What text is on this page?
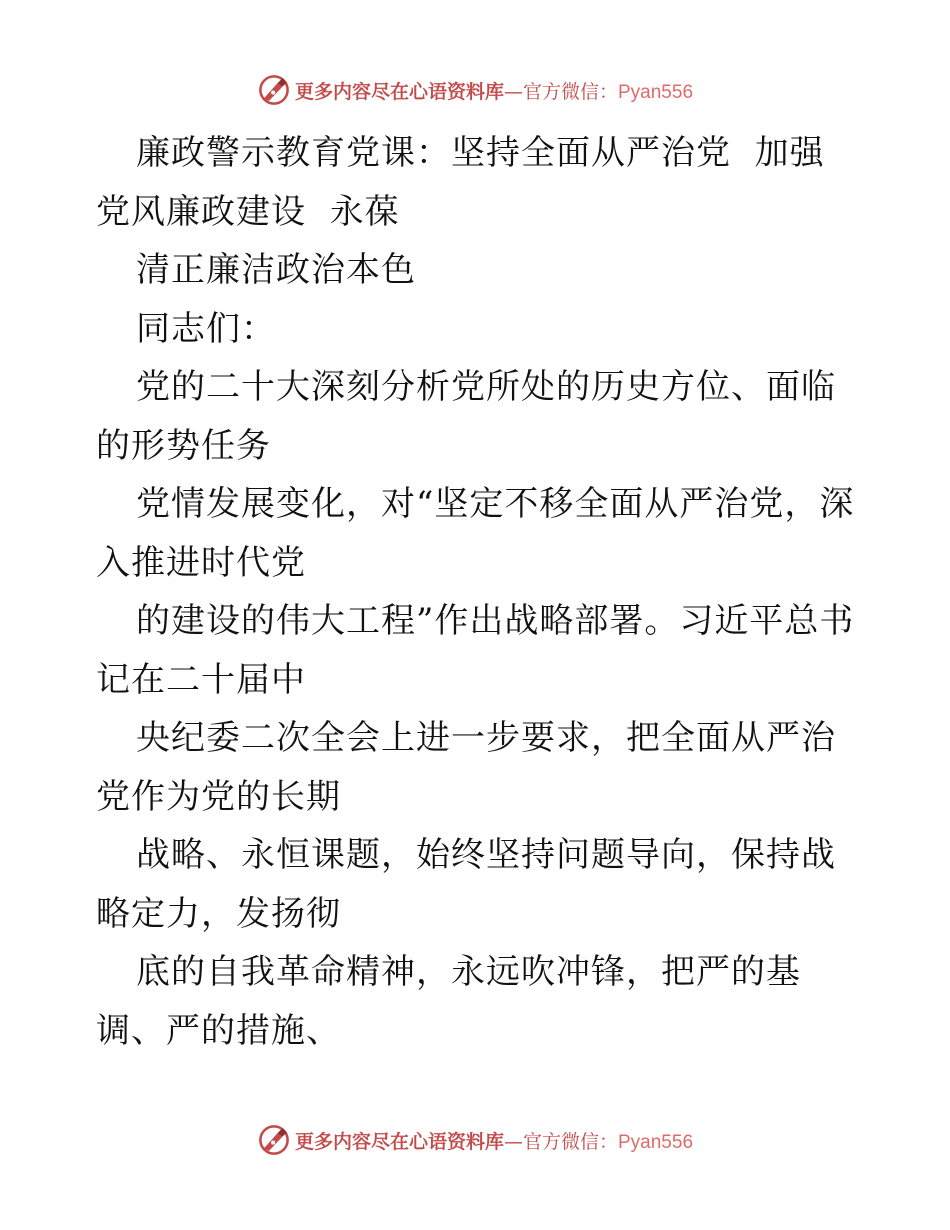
更多内容尽在心语资料库—官方微信：Pyan556

廉政警示教育党课：坚持全面从严治党  加强党风廉政建设  永葆

清正廉洁政治本色

同志们：

党的二十大深刻分析党所处的历史方位、面临的形势任务

党情发展变化，对“坚定不移全面从严治党，深入推进时代党

的建设的伟大工程”作出战略部署。习近平总书记在二十届中

央纪委二次全会上进一步要求，把全面从严治党作为党的长期

战略、永恒课题，始终坚持问题导向，保持战略定力，发扬彻

底的自我革命精神，永远吹冲锋，把严的基调、严的措施、

更多内容尽在心语资料库—官方微信：Pyan556
